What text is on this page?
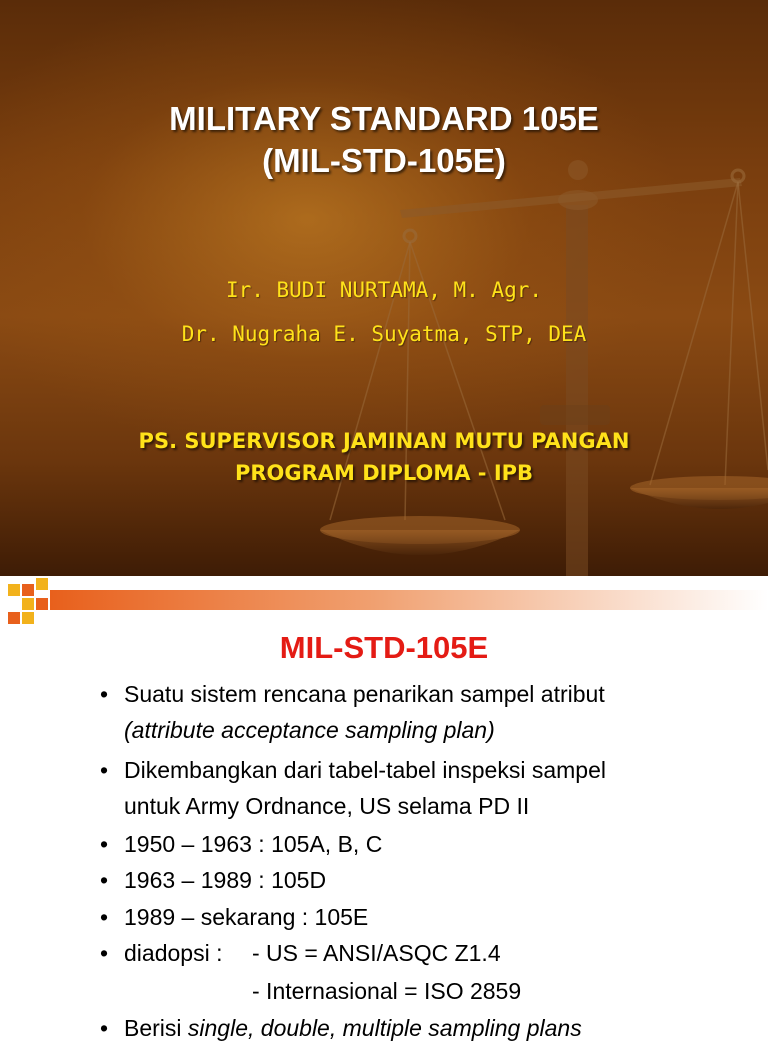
MILITARY STANDARD 105E
(MIL-STD-105E)
Ir. BUDI NURTAMA, M. Agr.
Dr. Nugraha E. Suyatma, STP, DEA
PS. SUPERVISOR JAMINAN MUTU PANGAN
PROGRAM DIPLOMA - IPB
MIL-STD-105E
• Suatu sistem rencana penarikan sampel atribut
(attribute acceptance sampling plan)
• Dikembangkan dari tabel-tabel inspeksi sampel
untuk Army Ordnance, US selama PD II
• 1950 – 1963 : 105A, B, C
• 1963 – 1989 : 105D
• 1989 – sekarang : 105E
• diadopsi : - US = ANSI/ASQC Z1.4
- Internasional = ISO 2859
• Berisi single, double, multiple sampling plans
